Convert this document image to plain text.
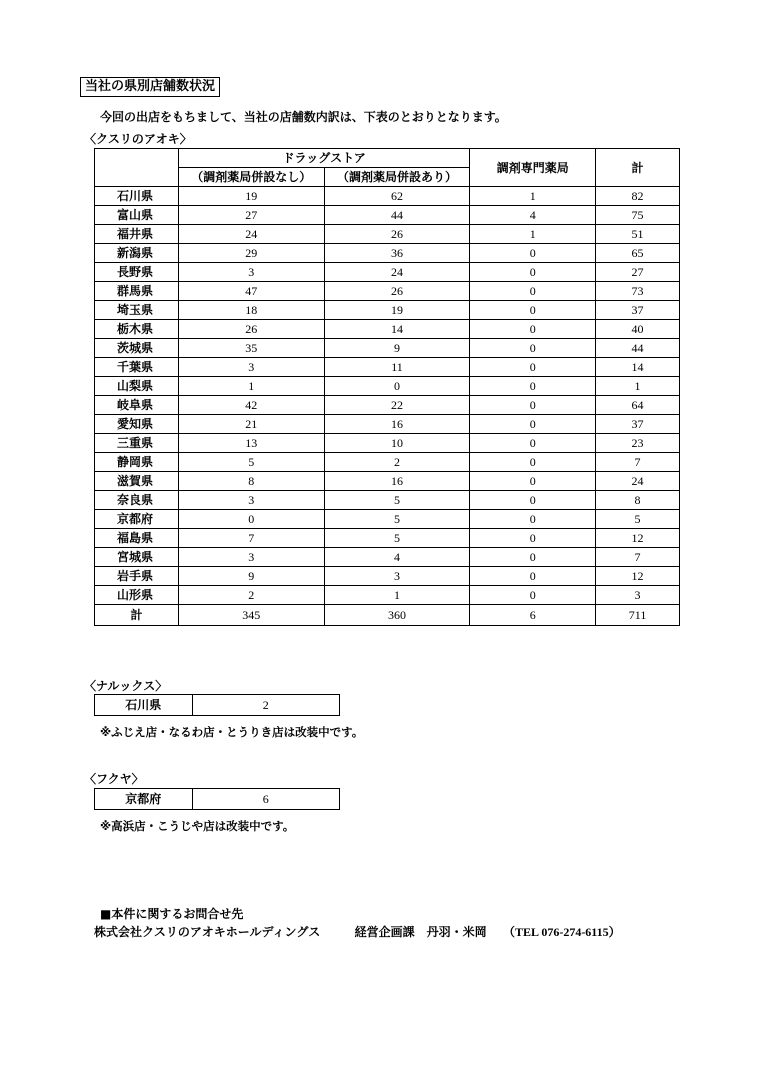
当社の県別店舗数状況
今回の出店をもちまして、当社の店舗数内訳は、下表のとおりとなります。
〈クスリのアオキ〉
	ドラッグストア		調剤専門薬局	計
	（調剤薬局併設なし）	（調剤薬局併設あり）		
石川県	19	62	1	82
富山県	27	44	4	75
福井県	24	26	1	51
新潟県	29	36	0	65
長野県	3	24	0	27
群馬県	47	26	0	73
埼玉県	18	19	0	37
栃木県	26	14	0	40
茨城県	35	9	0	44
千葉県	3	11	0	14
山梨県	1	0	0	1
岐阜県	42	22	0	64
愛知県	21	16	0	37
三重県	13	10	0	23
静岡県	5	2	0	7
滋賀県	8	16	0	24
奈良県	3	5	0	8
京都府	0	5	0	5
福島県	7	5	0	12
宮城県	3	4	0	7
岩手県	9	3	0	12
山形県	2	1	0	3
計	345	360	6	711
〈ナルックス〉
石川県	2
※ふじえ店・なるわ店・とうりき店は改装中です。
〈フクヤ〉
京都府	6
※高浜店・こうじや店は改装中です。
■本件に関するお問合せ先
株式会社クスリのアオキホールディングス	経営企画課　丹羽・米岡 （TEL 076-274-6115）
